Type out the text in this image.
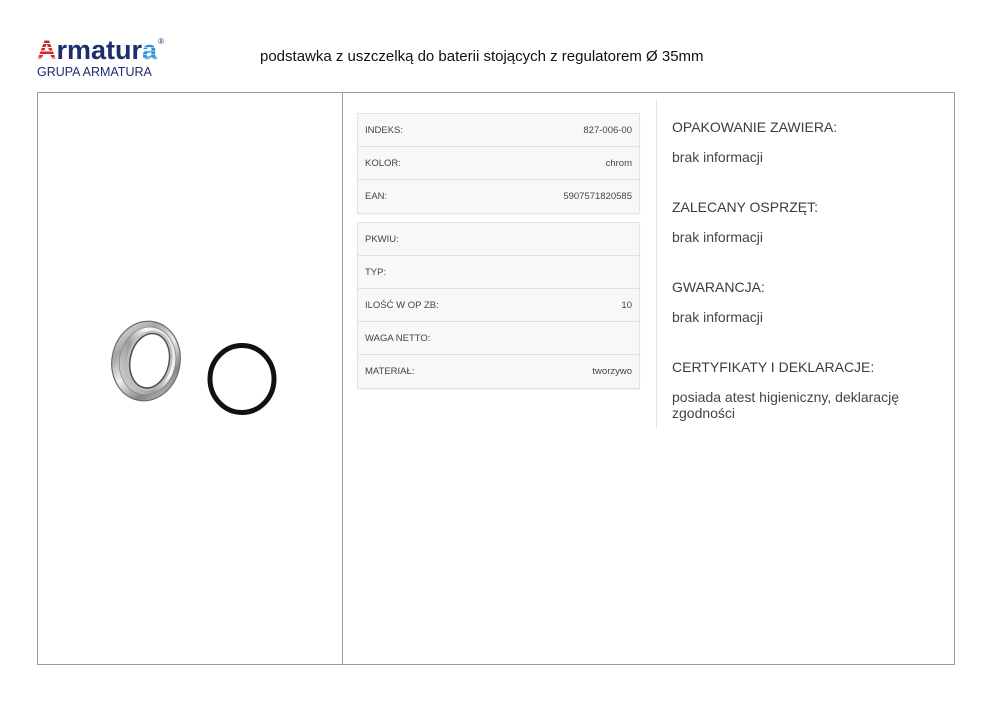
Armatura®
GRUPA ARMATURA
podstawka z uszczelką do baterii stojących z regulatorem Ø 35mm
INDEKS:	827-006-00
KOLOR:	chrom
EAN:	5907571820585
PKWIU:
TYP:
ILOŚĆ W OP ZB:	10
WAGA NETTO:
MATERIAŁ:	tworzywo
OPAKOWANIE ZAWIERA:
brak informacji
ZALECANY OSPRZĘT:
brak informacji
GWARANCJA:
brak informacji
CERTYFIKATY I DEKLARACJE:
posiada atest higieniczny, deklarację zgodności
